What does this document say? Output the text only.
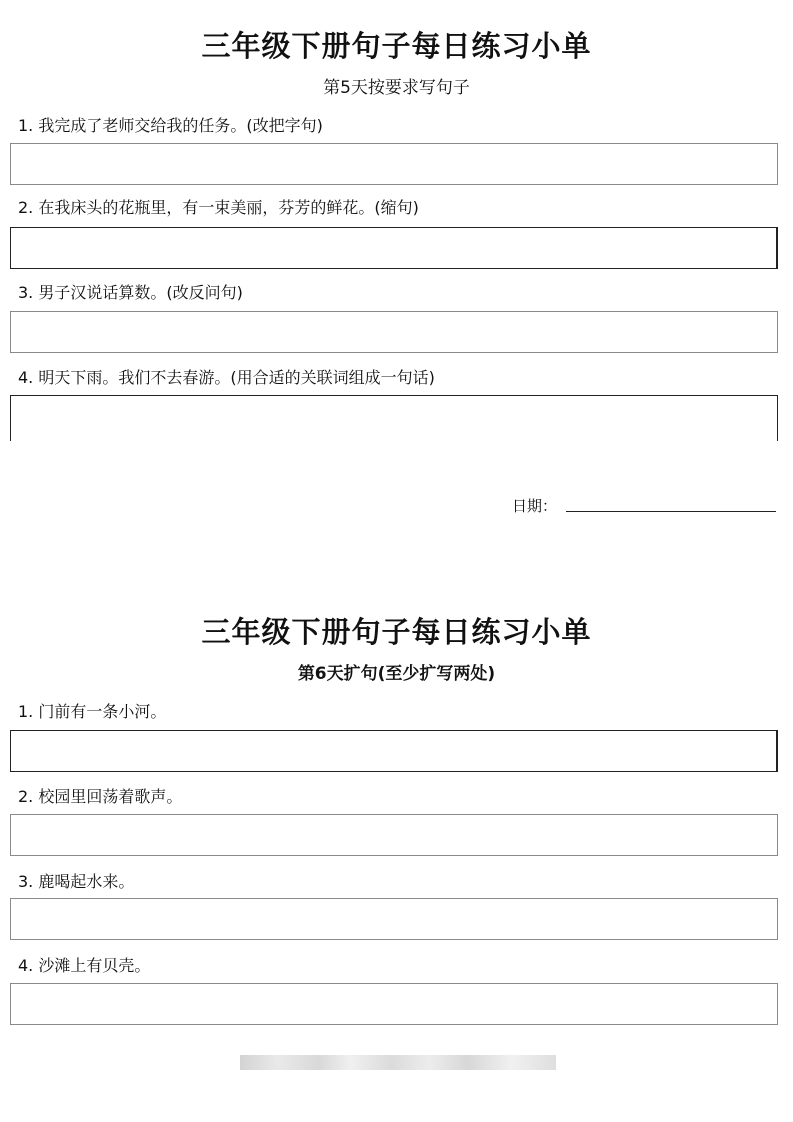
三年级下册句子每日练习小单
第5天按要求写句子
1. 我完成了老师交给我的任务。(改把字句)
2. 在我床头的花瓶里，有一束美丽，芬芳的鲜花。(缩句)
3. 男子汉说话算数。(改反问句)
4. 明天下雨。我们不去春游。(用合适的关联词组成一句话)
日期：
三年级下册句子每日练习小单
第6天扩句(至少扩写两处)
1. 门前有一条小河。
2. 校园里回荡着歌声。
3. 鹿喝起水来。
4. 沙滩上有贝壳。
